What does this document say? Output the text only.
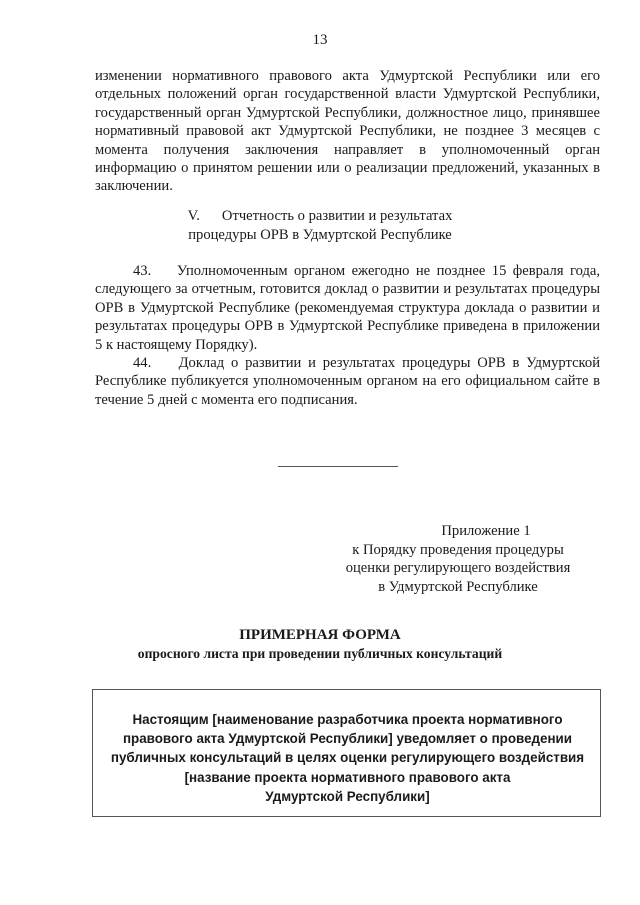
13
изменении нормативного правового акта Удмуртской Республики или его отдельных положений орган государственной власти Удмуртской Республики, государственный орган Удмуртской Республики, должностное лицо, принявшее нормативный правовой акт Удмуртской Республики, не позднее 3 месяцев с момента получения заключения направляет в уполномоченный орган информацию о принятом решении или о реализации предложений, указанных в заключении.
V. Отчетность о развитии и результатах
процедуры ОРВ в Удмуртской Республике
43. Уполномоченным органом ежегодно не позднее 15 февраля года, следующего за отчетным, готовится доклад о развитии и результатах процедуры ОРВ в Удмуртской Республике (рекомендуемая структура доклада о развитии и результатах процедуры ОРВ в Удмуртской Республике приведена в приложении 5 к настоящему Порядку).
44. Доклад о развитии и результатах процедуры ОРВ в Удмуртской Республике публикуется уполномоченным органом на его официальном сайте в течение 5 дней с момента его подписания.
Приложение 1
к Порядку проведения процедуры
оценки регулирующего воздействия
в Удмуртской Республике
ПРИМЕРНАЯ ФОРМА
опросного листа при проведении публичных консультаций
Настоящим [наименование разработчика проекта нормативного
правового акта Удмуртской Республики] уведомляет о проведении
публичных консультаций в целях оценки регулирующего воздействия
[название проекта нормативного правового акта
Удмуртской Республики]
